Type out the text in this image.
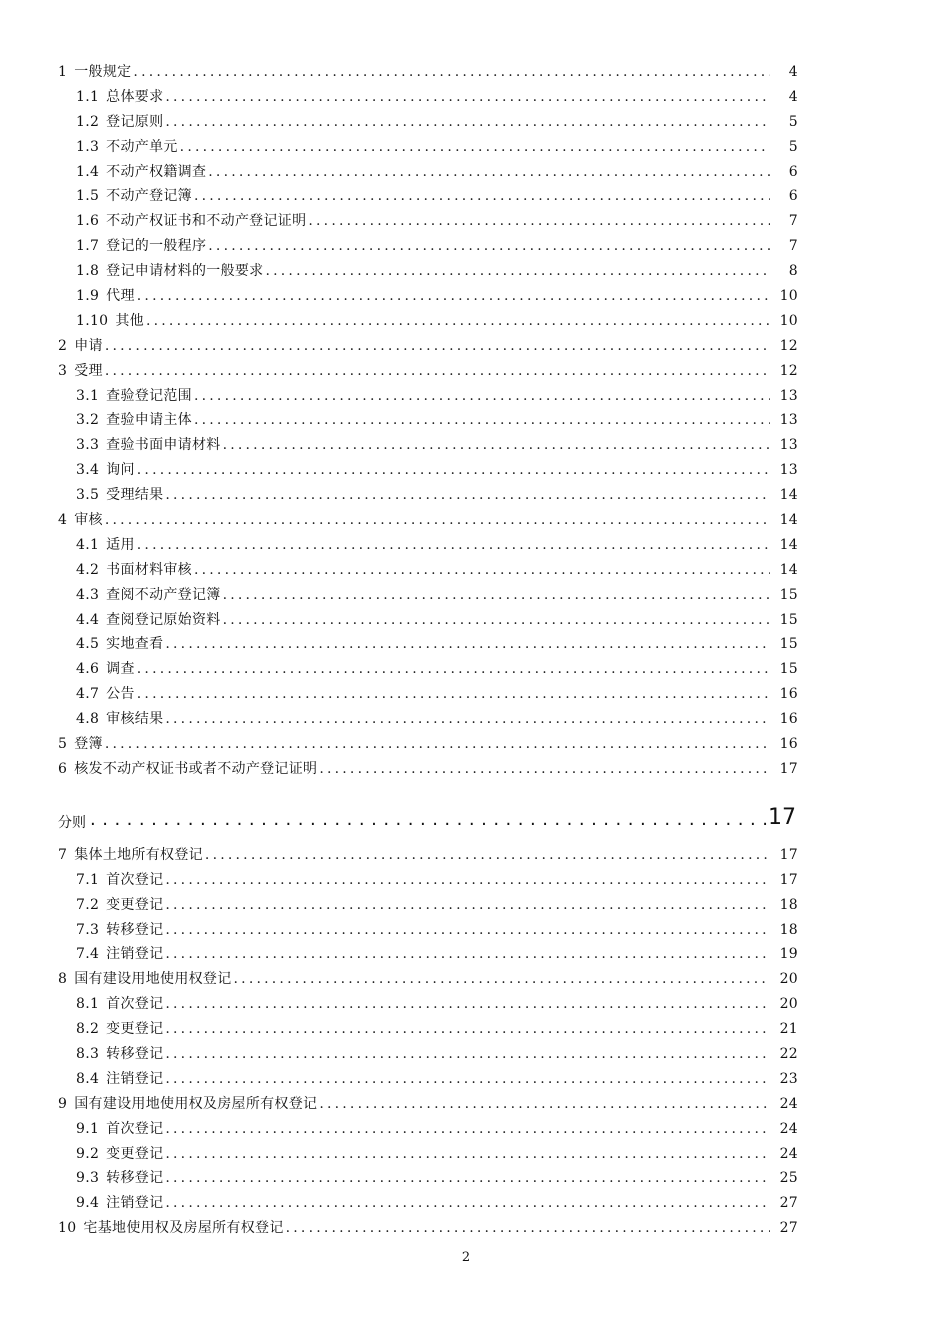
1 一般规定 .....	4
1.1 总体要求 .....	4
1.2 登记原则 .....	5
1.3 不动产单元 .....	5
1.4 不动产权籍调查 .....	6
1.5 不动产登记簿 .....	6
1.6 不动产权证书和不动产登记证明 .....	7
1.7 登记的一般程序 .....	7
1.8 登记申请材料的一般要求 .....	8
1.9 代理 .....	10
1.10 其他 .....	10
2 申请 .....	12
3 受理 .....	12
3.1 查验登记范围 .....	13
3.2 查验申请主体 .....	13
3.3 查验书面申请材料 .....	13
3.4 询问 .....	13
3.5 受理结果 .....	14
4 审核 .....	14
4.1 适用 .....	14
4.2 书面材料审核 .....	14
4.3 查阅不动产登记簿 .....	15
4.4 查阅登记原始资料 .....	15
4.5 实地查看 .....	15
4.6 调查 .....	15
4.7 公告 .....	16
4.8 审核结果 .....	16
5 登簿 .....	16
6 核发不动产权证书或者不动产登记证明 .....	17
分则 .....	17
7 集体土地所有权登记 .....	17
7.1 首次登记 .....	17
7.2 变更登记 .....	18
7.3 转移登记 .....	18
7.4 注销登记 .....	19
8 国有建设用地使用权登记 .....	20
8.1 首次登记 .....	20
8.2 变更登记 .....	21
8.3 转移登记 .....	22
8.4 注销登记 .....	23
9 国有建设用地使用权及房屋所有权登记 .....	24
9.1 首次登记 .....	24
9.2 变更登记 .....	24
9.3 转移登记 .....	25
9.4 注销登记 .....	27
10 宅基地使用权及房屋所有权登记 .....	27
2
